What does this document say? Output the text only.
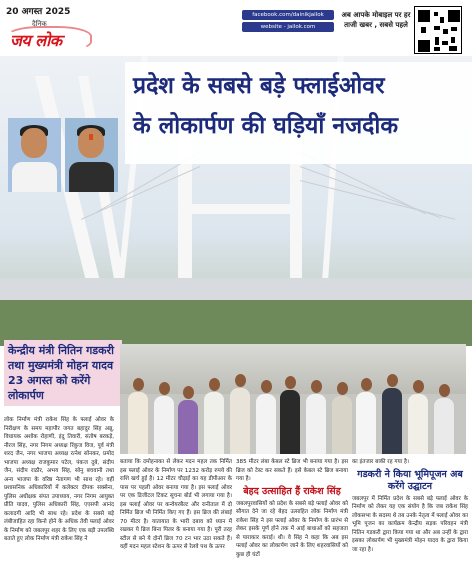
20 अगस्त 2025
दैनिक
जय लोक
facebook.com/dainikjailok
website - jailok.com
अब आपके मोबाइल पर हर
ताजी खबर , सबसे पहले
प्रदेश के सबसे बड़े फ्लाईओवर
के लोकार्पण की घड़ियाँ नजदीक
केन्द्रीय मंत्री नितिन गडकरी तथा मुख्यमंत्री मोहन यादव 23 अगस्त को करेंगे लोकार्पण
लोक निर्माण मंत्री राकेश सिंह के फ्लाई ओवर के निरीक्षण के समय महापौर जगत बहादुर सिंह अन्नू, विधायक अशोक रोहाणी, इंदु तिवारी, संतोष बरकड़े, नीरज सिंह, नगर निगम अध्यक्ष रिंकुज विज, पूर्व मंत्री शरद जैन, नगर भाजपा अध्यक्ष रत्नेश सोनकर, प्रमोद भाजपा अध्यक्ष राजकुमार पटेल, पंकज दुबे, संदीप जैन, संदीप राठौर, अभय सिंह, सोनु बचवानी तथा अन्य भाजपा के वरिष्ठ नेतागण भी साथ रहे। वहीं प्रशासनिक अधिकारियों में कलेक्टर दीपक सक्सेना, पुलिस अधीक्षक संपत उपाध्याय, नगर निगम आयुक्त प्रीति यादव, पुलिस अधिकारी सिंह, एएसपी आनंद कलादगी आदि भी साथ रहे। प्रदेश के सबसे बड़े लंबीजाहित रहा किनो होने के अधिक तेवी फ्लाई ओवर के निर्माण को जबलपुर शहर के लिए एक बड़ी उपलब्धि बताते हुए लोक निर्माण मंत्री राकेश सिंह ने
बताया कि दमोहनाका से लेकर मदन महल तक निर्मित इस फ्लाई ओवर के निर्माण पर 1232 करोड़ रुपये की राशि खर्च हुई है। 12 मीटर चौड़ाई का यह डीपीआर के पास पर पहली ओवर बनाया गया है। इस फ्लाई ओवर पर एक डिजीटल टिकट सूचना बोर्ड भी लगाया गया है। इस फ्लाई ओवर पर कन्वेयरबैल्ट और रानीताल में दो निर्मित ब्रिज भी निर्मित किए गए हैं। इस ब्रिज की लंबाई 70 मीटर है। यातायात के भारी दबाव को ध्यान में रखकर ये ब्रिज बिना पिलर के बनाया गया है। पूरी तरह स्टील से बने ये दोनों ब्रिज 70 टन भार उठा सकते हैं। वहीं मदन महल स्टेशन के ऊपर से रेलवे पथ के ऊपर
385 मीटर लंबा केबल स्टे ब्रिज भी बनाया गया है। इस ब्रिज को टेस्ट कर सकते हैं। इसे केबल स्टे ब्रिज बनाया गया है।
बेहद उत्साहित हैं राकेश सिंह
जबलपुरवासियों को प्रदेश के सबसे बड़े फ्लाई ओवर को सौगात देने जा रहे बेहद उत्साहित लोक निर्माण मंत्री राकेश सिंह ने इस फ्लाई ओवर के निर्माण के प्रारंभ से लेकर इसके पूर्ण होने तक में आई बाधाओं को सहजता से पाराकार कराई। थी। वे सिंह ने कहा कि अब इस फ्लाई ओवर का लोकार्पण जाने के लिए शहरवासियों को कुछ ही घंटों
का इंतजार बाकी रह गया है।
गडकरी ने किया भूमिपूजन अब करेंगे उद्घाटन
जबलपुर में निर्मित प्रदेश के सबसे बड़े फ्लाई ओवर के निर्माण को लेकर यह एक संयोग है कि जब राकेश सिंह लोकसभा के सदस्य थे तब उनके नेतृत्व में फ्लाई ओवर का भूमि पूजन का कार्यक्रम केन्द्रीय सड़क परिवहन मंत्री नितिन गडकरी द्वारा किया गया था और अब उन्हीं के द्वारा इसका लोकार्पण भी मुख्यमंत्री मोहन यादव के द्वारा किया जा रहा है।
